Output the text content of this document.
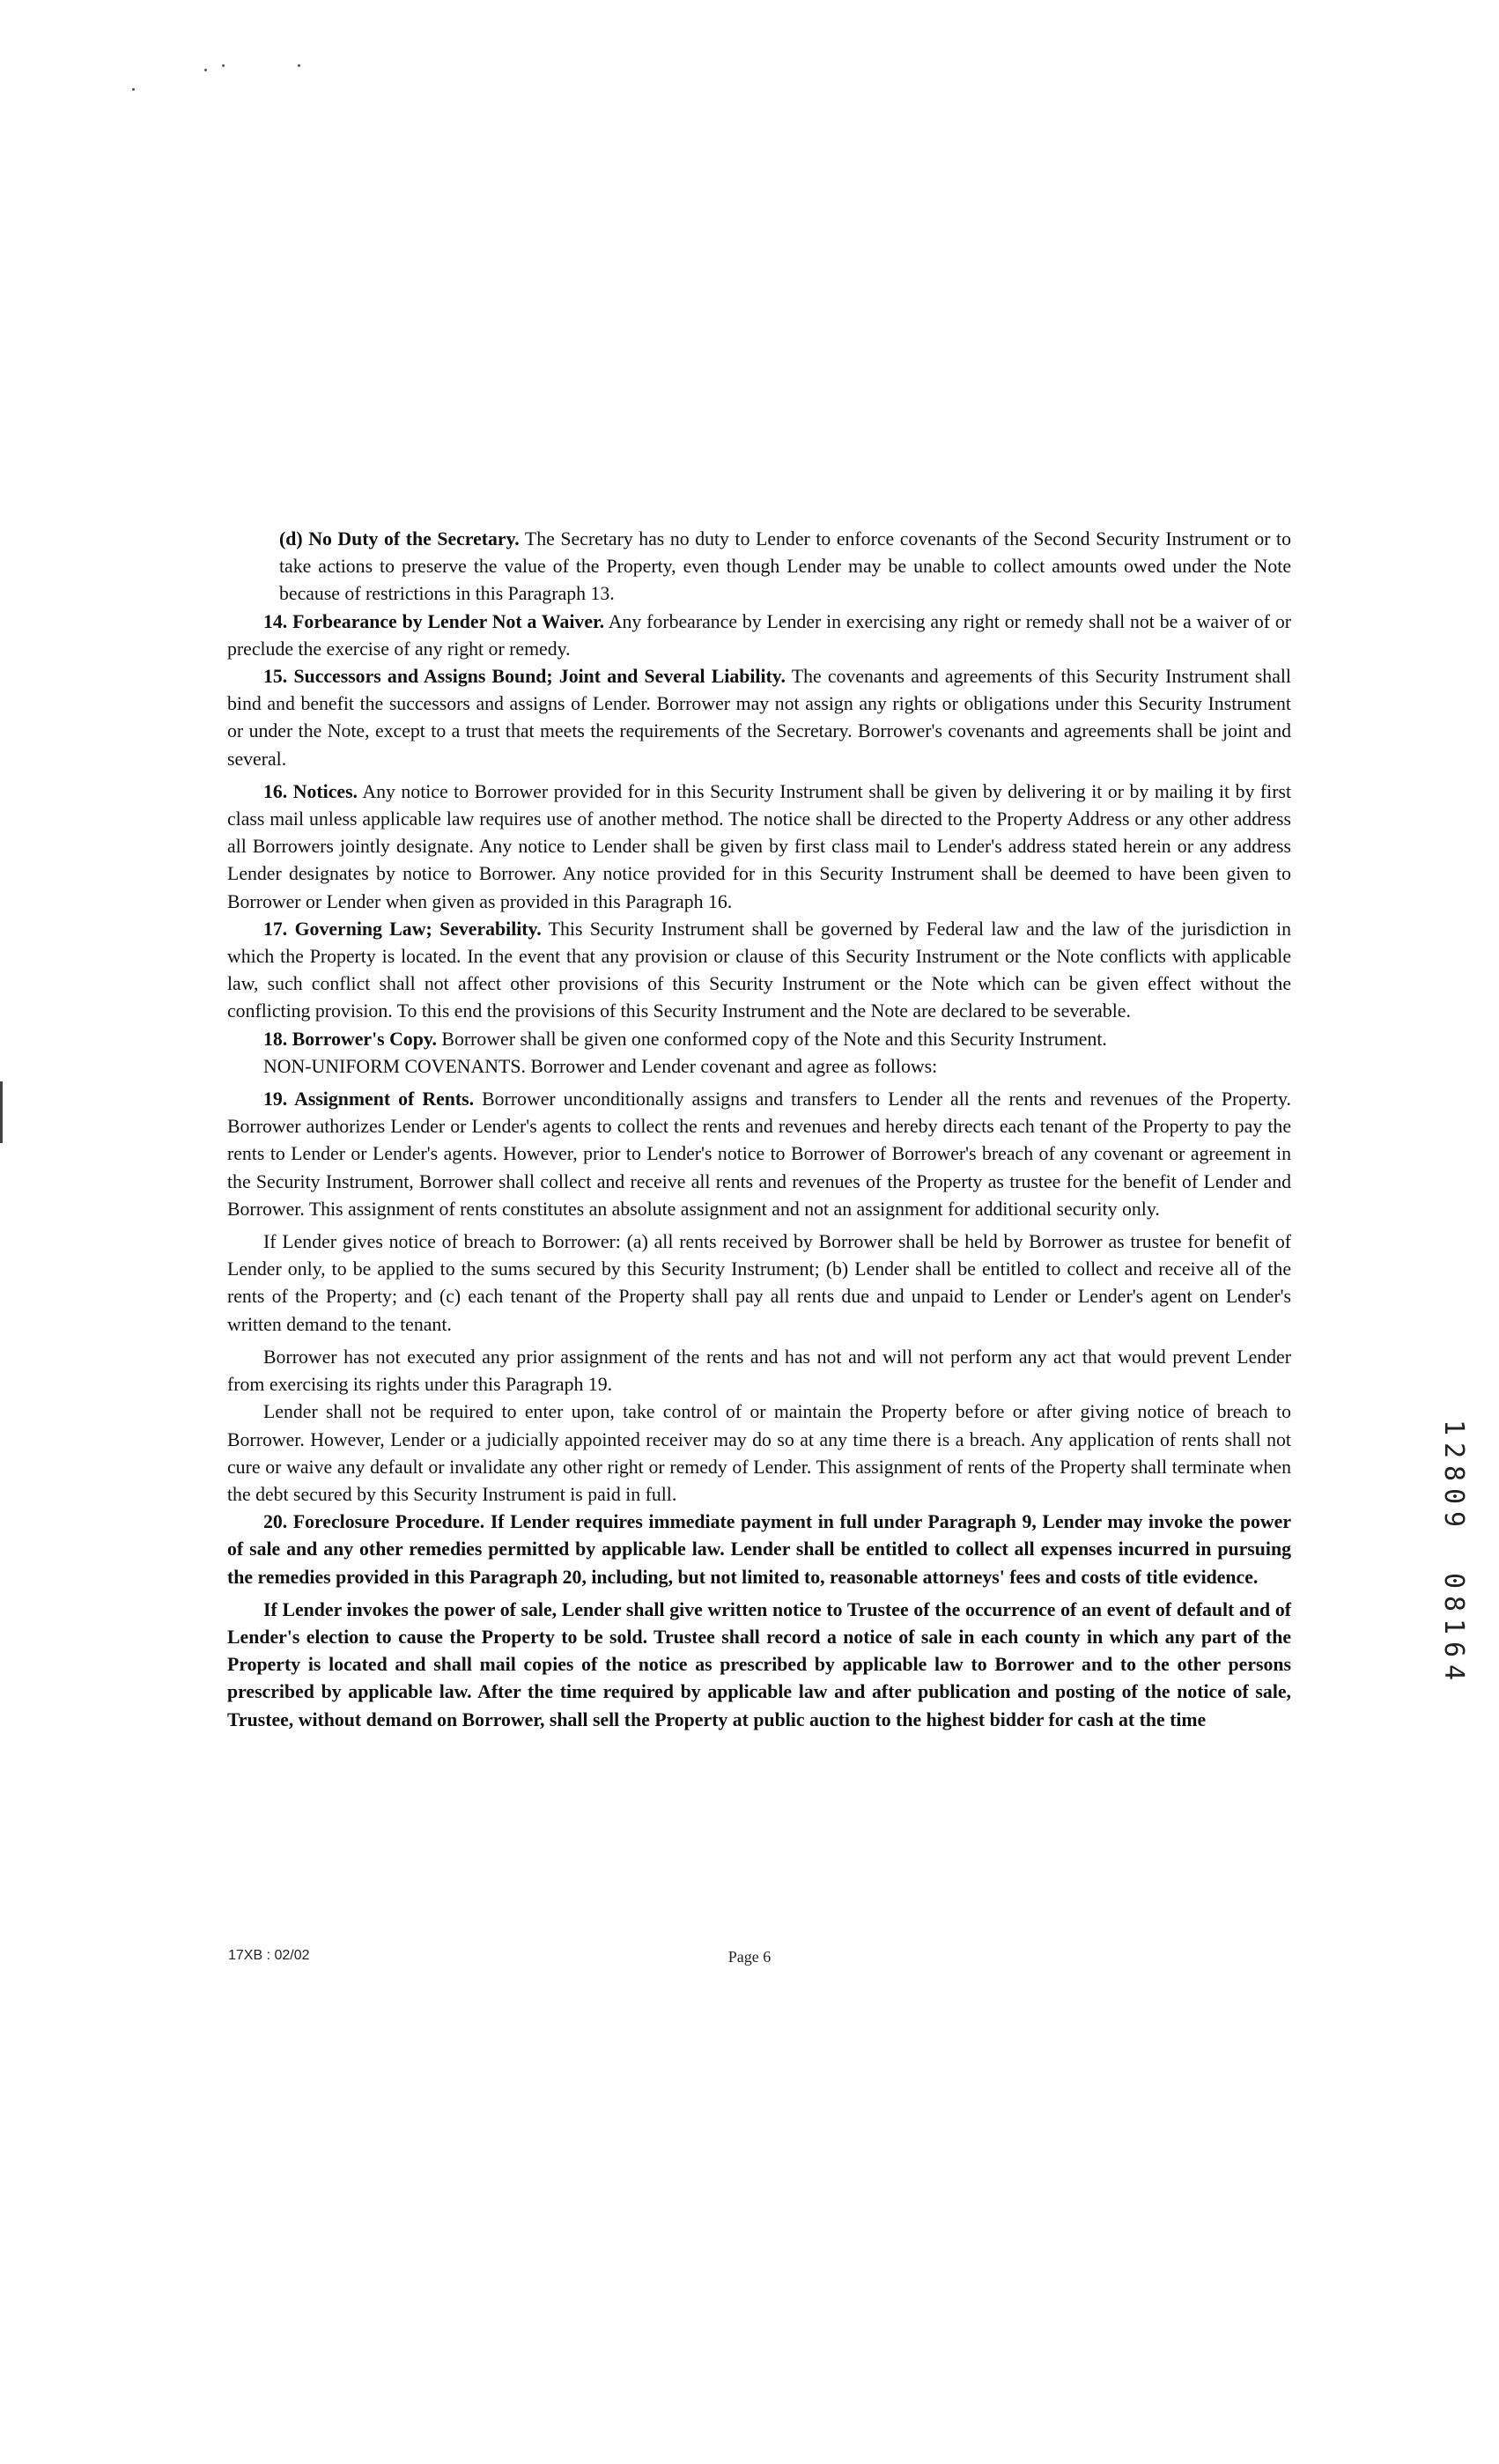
(d) No Duty of the Secretary. The Secretary has no duty to Lender to enforce covenants of the Second Security Instrument or to take actions to preserve the value of the Property, even though Lender may be unable to collect amounts owed under the Note because of restrictions in this Paragraph 13.

14. Forbearance by Lender Not a Waiver. Any forbearance by Lender in exercising any right or remedy shall not be a waiver of or preclude the exercise of any right or remedy.

15. Successors and Assigns Bound; Joint and Several Liability. The covenants and agreements of this Security Instrument shall bind and benefit the successors and assigns of Lender. Borrower may not assign any rights or obligations under this Security Instrument or under the Note, except to a trust that meets the requirements of the Secretary. Borrower's covenants and agreements shall be joint and several.

16. Notices. Any notice to Borrower provided for in this Security Instrument shall be given by delivering it or by mailing it by first class mail unless applicable law requires use of another method. The notice shall be directed to the Property Address or any other address all Borrowers jointly designate. Any notice to Lender shall be given by first class mail to Lender's address stated herein or any address Lender designates by notice to Borrower. Any notice provided for in this Security Instrument shall be deemed to have been given to Borrower or Lender when given as provided in this Paragraph 16.

17. Governing Law; Severability. This Security Instrument shall be governed by Federal law and the law of the jurisdiction in which the Property is located. In the event that any provision or clause of this Security Instrument or the Note conflicts with applicable law, such conflict shall not affect other provisions of this Security Instrument or the Note which can be given effect without the conflicting provision. To this end the provisions of this Security Instrument and the Note are declared to be severable.

18. Borrower's Copy. Borrower shall be given one conformed copy of the Note and this Security Instrument.

NON-UNIFORM COVENANTS. Borrower and Lender covenant and agree as follows:

19. Assignment of Rents. Borrower unconditionally assigns and transfers to Lender all the rents and revenues of the Property. Borrower authorizes Lender or Lender's agents to collect the rents and revenues and hereby directs each tenant of the Property to pay the rents to Lender or Lender's agents. However, prior to Lender's notice to Borrower of Borrower's breach of any covenant or agreement in the Security Instrument, Borrower shall collect and receive all rents and revenues of the Property as trustee for the benefit of Lender and Borrower. This assignment of rents constitutes an absolute assignment and not an assignment for additional security only.

If Lender gives notice of breach to Borrower: (a) all rents received by Borrower shall be held by Borrower as trustee for benefit of Lender only, to be applied to the sums secured by this Security Instrument; (b) Lender shall be entitled to collect and receive all of the rents of the Property; and (c) each tenant of the Property shall pay all rents due and unpaid to Lender or Lender's agent on Lender's written demand to the tenant.

Borrower has not executed any prior assignment of the rents and has not and will not perform any act that would prevent Lender from exercising its rights under this Paragraph 19.

Lender shall not be required to enter upon, take control of or maintain the Property before or after giving notice of breach to Borrower. However, Lender or a judicially appointed receiver may do so at any time there is a breach. Any application of rents shall not cure or waive any default or invalidate any other right or remedy of Lender. This assignment of rents of the Property shall terminate when the debt secured by this Security Instrument is paid in full.

20. Foreclosure Procedure. If Lender requires immediate payment in full under Paragraph 9, Lender may invoke the power of sale and any other remedies permitted by applicable law. Lender shall be entitled to collect all expenses incurred in pursuing the remedies provided in this Paragraph 20, including, but not limited to, reasonable attorneys' fees and costs of title evidence.

If Lender invokes the power of sale, Lender shall give written notice to Trustee of the occurrence of an event of default and of Lender's election to cause the Property to be sold. Trustee shall record a notice of sale in each county in which any part of the Property is located and shall mail copies of the notice as prescribed by applicable law to Borrower and to the other persons prescribed by applicable law. After the time required by applicable law and after publication and posting of the notice of sale, Trustee, without demand on Borrower, shall sell the Property at public auction to the highest bidder for cash at the time

1
2
8
0
9
0
8
1
6
4
17XB : 02/02	Page 6
